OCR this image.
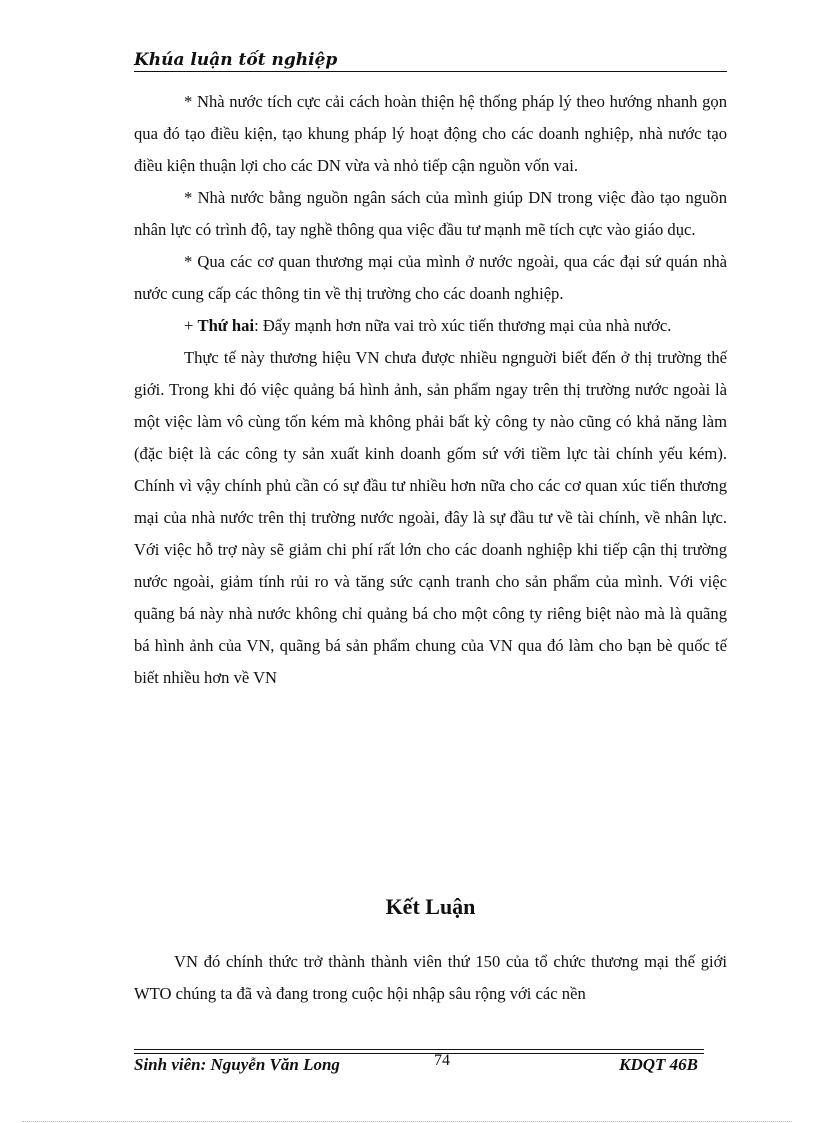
Khúa luận tốt nghiệp

* Nhà nước tích cực cải cách hoàn thiện hệ thống pháp lý theo hướng nhanh gọn qua đó tạo điều kiện, tạo khung pháp lý hoạt động cho các doanh nghiệp, nhà nước tạo điều kiện thuận lợi cho các DN vừa và nhỏ tiếp cận nguồn vốn vai.

* Nhà nước bằng nguồn ngân sách của mình giúp DN trong việc đào tạo nguồn nhân lực có trình độ, tay nghề thông qua việc đầu tư mạnh mẽ tích cực vào giáo dục.

* Qua các cơ quan thương mại của mình ở nước ngoài, qua các đại sứ quán nhà nước cung cấp các thông tin về thị trường cho các doanh nghiệp.

+ Thứ hai: Đẩy mạnh hơn nữa vai trò xúc tiến thương mại của nhà nước.

Thực tế này thương hiệu VN chưa được nhiều ngnguời biết đến ở thị trường thế giới. Trong khi đó việc quảng bá hình ảnh, sản phẩm ngay trên thị trường nước ngoài là một việc làm vô cùng tốn kém mà không phải bất kỳ công ty nào cũng có khả năng làm (đặc biệt là các công ty sản xuất kinh doanh gốm sứ với tiềm lực tài chính yếu kém). Chính vì vậy chính phủ cần có sự đầu tư nhiều hơn nữa cho các cơ quan xúc tiến thương mại của nhà nước trên thị trường nước ngoài, đây là sự đầu tư về tài chính, về nhân lực. Với việc hỗ trợ này sẽ giảm chi phí rất lớn cho các doanh nghiệp khi tiếp cận thị trường nước ngoài, giảm tính rủi ro và tăng sức cạnh tranh cho sản phẩm của mình. Với việc quãng bá này nhà nước không chỉ quảng bá cho một công ty riêng biệt nào mà là quãng bá hình ảnh của VN, quãng bá sản phẩm chung của VN qua đó làm cho bạn bè quốc tế biết nhiều hơn về VN

Kết Luận

VN đó chính thức trở thành thành viên thứ 150 của tổ chức thương mại thế giới WTO chúng ta đã và đang trong cuộc hội nhập sâu rộng với các nền

Sinh viên: Nguyễn Văn Long	74	KDQT 46B
